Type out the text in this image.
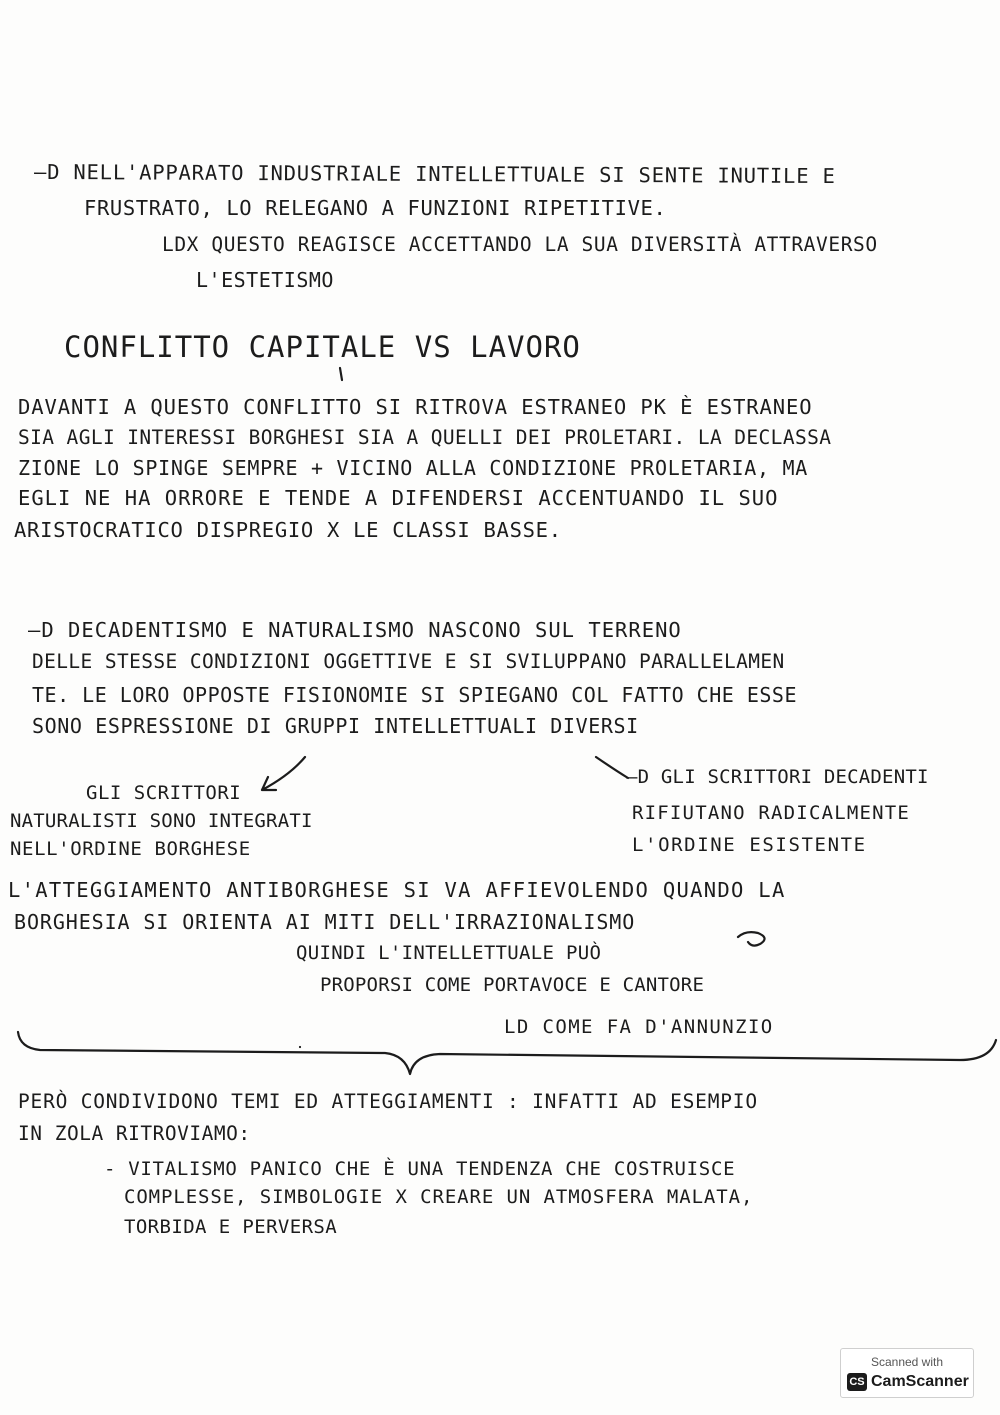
—D NELL'APPARATO INDUSTRIALE INTELLETTUALE SI SENTE INUTILE E
FRUSTRATO, LO RELEGANO A FUNZIONI RIPETITIVE.
LDX QUESTO REAGISCE ACCETTANDO LA SUA DIVERSITÀ ATTRAVERSO
L'ESTETISMO
CONFLITTO CAPITALE VS LAVORO
DAVANTI A QUESTO CONFLITTO SI RITROVA ESTRANEO PK È ESTRANEO
SIA AGLI INTERESSI BORGHESI SIA A QUELLI DEI PROLETARI. LA DECLASSA
ZIONE LO SPINGE SEMPRE + VICINO ALLA CONDIZIONE PROLETARIA, MA
EGLI NE HA ORRORE E TENDE A DIFENDERSI ACCENTUANDO IL SUO
ARISTOCRATICO DISPREGIO X LE CLASSI BASSE.
—D DECADENTISMO E NATURALISMO NASCONO SUL TERRENO
DELLE STESSE CONDIZIONI OGGETTIVE E SI SVILUPPANO PARALLELAMEN
TE. LE LORO OPPOSTE FISIONOMIE SI SPIEGANO COL FATTO CHE ESSE
SONO ESPRESSIONE DI GRUPPI INTELLETTUALI DIVERSI
GLI SCRITTORI
NATURALISTI SONO INTEGRATI
NELL'ORDINE BORGHESE
—D GLI SCRITTORI DECADENTI
RIFIUTANO RADICALMENTE
L'ORDINE ESISTENTE
L'ATTEGGIAMENTO ANTIBORGHESE SI VA AFFIEVOLENDO QUANDO LA
BORGHESIA SI ORIENTA AI MITI DELL'IRRAZIONALISMO
QUINDI L'INTELLETTUALE PUÒ
PROPORSI COME PORTAVOCE E CANTORE
LD COME FA D'ANNUNZIO
PERÒ CONDIVIDONO TEMI ED ATTEGGIAMENTI : INFATTI AD ESEMPIO
IN ZOLA RITROVIAMO:
- VITALISMO PANICO CHE È UNA TENDENZA CHE COSTRUISCE
COMPLESSE, SIMBOLOGIE X CREARE UN ATMOSFERA MALATA,
TORBIDA E PERVERSA
Scanned with
CS CamScanner
